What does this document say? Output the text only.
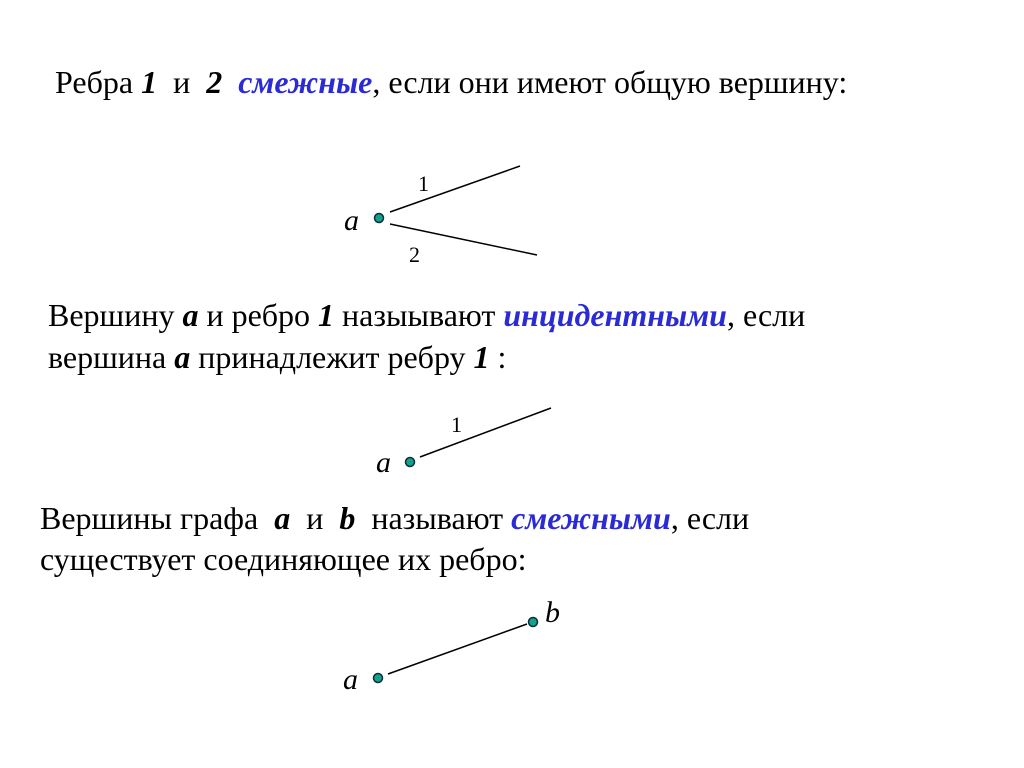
Ребра 1 и 2 смежные, если они имеют общую вершину:
Вершину a и ребро 1 назыывают инцидентными, если
вершина a принадлежит ребру 1 :
Вершины графа a и b называют смежными, если
существует соединяющее их ребро:
a
1
2
a
1
a
b
